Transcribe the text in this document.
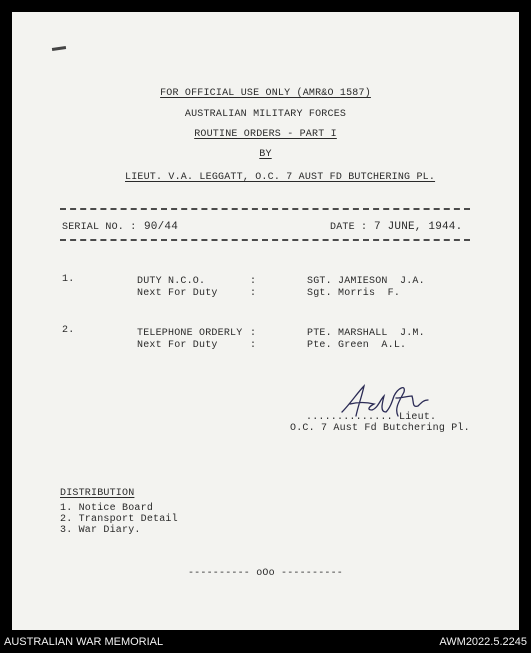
FOR OFFICIAL USE ONLY (AMR&O 1587)
AUSTRALIAN MILITARY FORCES
ROUTINE ORDERS - PART I
BY
LIEUT. V.A. LEGGATT, O.C. 7 AUST FD BUTCHERING PL.
SERIAL NO. : 90/44	DATE : 7 JUNE, 1944.
1.	DUTY N.C.O.	:	SGT. JAMIESON  J.A.
Next For Duty	:	Sgt. Morris  F.
2.	TELEPHONE ORDERLY :	PTE. MARSHALL  J.M.
Next For Duty	:	Pte. Green  A.L.
.............. Lieut.
O.C. 7 Aust Fd Butchering Pl.
DISTRIBUTION
1. Notice Board
2. Transport Detail
3. War Diary.
---------- oOo ----------
AUSTRALIAN WAR MEMORIAL	AWM2022.5.2245
